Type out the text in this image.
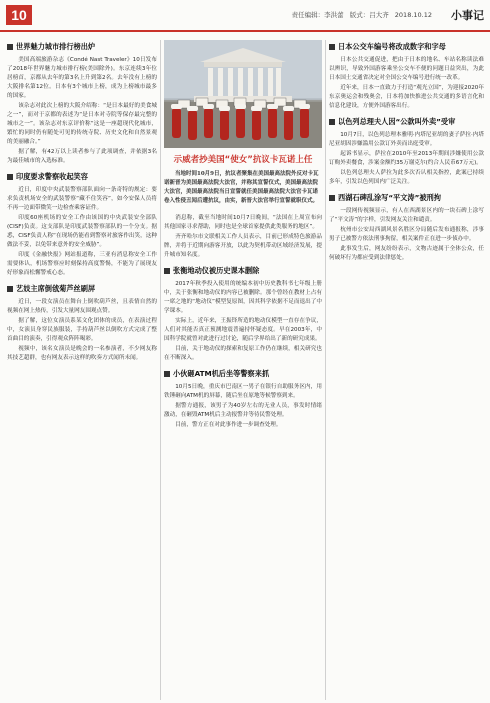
10	责任编辑：李洪蕾 版式：吕大齐 2018.10.12 小事记
世界魅力城市排行榜出炉
美国高端旅游杂志《Condé Nast Traveler》10日发布了2018年世界魅力城市排行榜(美国除外)。东京连续3年位居榜首，京都从去年的第3名上升到第2名。去年没有上榜的大阪排名第12位。日本有3个城市上榜，成为上榜城市最多的国家。
该杂志对此次上榜的大阪介绍称：“是日本最好的美食城之一”，而对于京都的表述为“是日本对寺院等保存最完整的城市之一”。该杂志对东京评价称“这是一座超现代化城市，繁忙的同时仍有随处可见的传统寺院、历史文化和自然景观的美丽融合。”
据了解，有42万以上读者参与了此项调查，并依据3名为最佳城市的入选标准。
印度要求警察收起笑容
近日，印度中央武装警察部队面向一条奇特的规定：要求负责机场安全的武装警察“藏不住笑容”，如今安保人员将不再一边面带微笑一边检查乘客证件。
印度60座机场的安全工作由该国的中央武装安全部队(CISF)负责。这支部队是印度武装警察部队的一个分支。据悉，CISF负责人称“在现场仍能看到警察对旅客作出笑，这种做法不妥，以免带来意外的安全威胁”。
印度《金融快报》网站报道称，三亚有消息称安全工作需要体认，机场警察应时刻保持高度警惕，不能为了展现友好形象而松懈警戒心态。
艺妓主席倒戗菊芦丝刷屏
近日，一段女演员在舞台上倒吹葫芦丝，且表情自然的视频在网上热传，引发大量网友围观点赞。
据了解，这位女演员系某文化团体的成员，在表演过程中，女演员身穿民族服装，手持葫芦丝以倒吹方式完成了整首曲目的演奏，引得观众阵阵喝彩。
视频中，该名女演员是晚会的一名参演者，不少网友称其技艺超群，也有网友表示这样的吹奏方式闻所未闻。
示威者抄美国“使女”抗议卡瓦诺上任
当地时间10月9日，抗议者聚集在美国最高法院外反对卡瓦诺新晋为美国最高法院大法官，并称其宣誓仪式，美国最高法院大法官，美国最高法院当日宣誓就任美国最高法院大法官卡瓦诺卷入性侵丑闻后遭抗议，由实，新晋大法官举行宣誓就职仪式。
消息称，截至当地时间10月7日晚间，“法国在上周宣布向其他国家寻求帮助，同时也是全球首家提供此类服务的地区”。
齐齐哈尔市文联相关工作人员表示，目前已形成特色旅游品牌，并将于近期向游客开放，以此为契机带动区域经济发展，提升城市知名度。
张衡地动仪被历史课本删除
2017年秋季投入使用的统编本初中历史教科书七年级上册中，关于张衡和地动仪的内容已被删除。那个曾经在教材上占有一席之地的“地动仪”模型复原图，因其科学依据不足而退出了中学课本。
实际上，近年来，王振铎所造的地动仪模型一直存在争议，人们对其能否真正预测地震普遍持怀疑态度。早在2003年，中国科学院就曾对此进行过讨论，随后学界给出了新的研究成果。
目前，关于地动仪的探索和复原工作仍在继续，相关研究也在不断深入。
小伙砸ATM机后坐等警察来抓
10月5日晚，重庆市巴南区一男子在银行自助服务区内，用铁锤砸向ATM机的屏幕，随后坐在原地等候警察到来。
据警方通报，该男子为40岁左右的无业人员，事发时情绪激动，在砸毁ATM机后主动报警并等待民警处理。
目前，警方正在对此事作进一步调查处理。
日本公交车编号将改成数字和字母
日本公共交通促进，把由于日本的地名、车站名称读法难以辨识，导致外国游客乘坐公交车不便的问题日益突出，为此日本国土交通省决定对全国公交车编号进行统一改革。
近年来，日本一直致力于打造“观光立国”，为迎接2020年东京奥运会和残奥会，日本将加快推进公共交通的多语言化和信息化建设，方便外国游客出行。
以色列总理夫人因“公款叫外卖”受审
10月7日，以色列总理本雅明·内塔尼亚胡的妻子萨拉·内塔尼亚胡因涉嫌滥用公款订外卖而出庭受审。
起诉书显示，萨拉在2010年至2013年期间涉嫌使用公款订购外卖餐食，涉案金额约35万谢克尔(约合人民币67万元)。
以色列总理夫人萨拉为此多次否认相关指控，此案已持续多年，引发以色列国内广泛关注。
西湖石碑乱涂写“平文涛”被刑拘
一段网传视频显示，有人在西湖景区内的一块石碑上涂写了“平文涛”的字样，引发网友关注和谴责。
杭州市公安局西湖风景名胜区分局随后发布通报称，涉事男子已被警方依法刑事拘留，相关案件正在进一步侦办中。
此事发生后，网友纷纷表示，文物古迹属于全体公众，任何破坏行为都应受到法律惩处。
